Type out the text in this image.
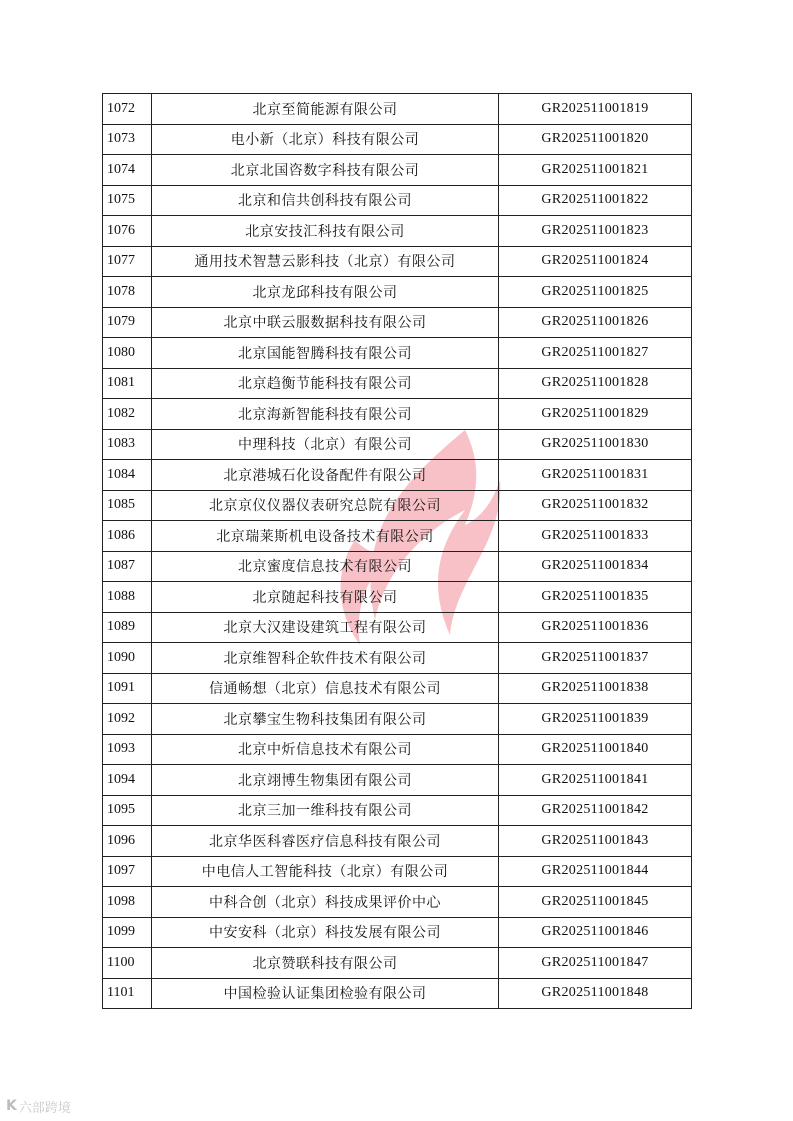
1072	北京至简能源有限公司	GR202511001819
1073	电小新（北京）科技有限公司	GR202511001820
1074	北京北国咨数字科技有限公司	GR202511001821
1075	北京和信共创科技有限公司	GR202511001822
1076	北京安技汇科技有限公司	GR202511001823
1077	通用技术智慧云影科技（北京）有限公司	GR202511001824
1078	北京龙邱科技有限公司	GR202511001825
1079	北京中联云服数据科技有限公司	GR202511001826
1080	北京国能智腾科技有限公司	GR202511001827
1081	北京趋衡节能科技有限公司	GR202511001828
1082	北京海新智能科技有限公司	GR202511001829
1083	中理科技（北京）有限公司	GR202511001830
1084	北京港城石化设备配件有限公司	GR202511001831
1085	北京京仪仪器仪表研究总院有限公司	GR202511001832
1086	北京瑞莱斯机电设备技术有限公司	GR202511001833
1087	北京蜜度信息技术有限公司	GR202511001834
1088	北京随起科技有限公司	GR202511001835
1089	北京大汉建设建筑工程有限公司	GR202511001836
1090	北京维智科企软件技术有限公司	GR202511001837
1091	信通畅想（北京）信息技术有限公司	GR202511001838
1092	北京攀宝生物科技集团有限公司	GR202511001839
1093	北京中炘信息技术有限公司	GR202511001840
1094	北京翊博生物集团有限公司	GR202511001841
1095	北京三加一维科技有限公司	GR202511001842
1096	北京华医科睿医疗信息科技有限公司	GR202511001843
1097	中电信人工智能科技（北京）有限公司	GR202511001844
1098	中科合创（北京）科技成果评价中心	GR202511001845
1099	中安安科（北京）科技发展有限公司	GR202511001846
1100	北京赞联科技有限公司	GR202511001847
1101	中国检验认证集团检验有限公司	GR202511001848
K 六部跨境
